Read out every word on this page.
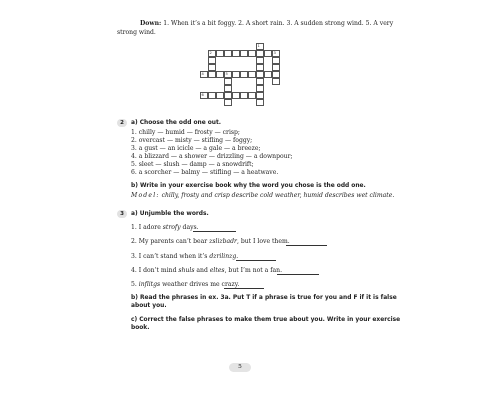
Down: 1. When it’s a bit foggy. 2. A short rain. 3. A sudden strong wind. 5. A very
strong wind.
1
2	3
4	5
6
2	a) Choose the odd one out.
1. chilly — humid — frosty — crisp;
2. overcast — misty — stifling — foggy;
3. a gust — an icicle — a gale — a breeze;
4. a blizzard — a shower — drizzling — a downpour;
5. sleet — slush — damp — a snowdrift;
6. a scorcher — balmy — stifling — a heatwave.
b) Write in your exercise book why the word you chose is the odd one.
Model: chilly, frosty and crisp describe cold weather, humid describes wet climate.
3	a) Unjumble the words.
1. I adore strofy days.
2. My parents can’t bear zslizbadr, but I love them.
3. I can’t stand when it’s dzrilinzg.
4. I don’t mind shuls and eltes, but I’m not a fan.
5. inflitgs weather drives me crazy.
b) Read the phrases in ex. 3a. Put T if a phrase is true for you and F if it is false
about you.
c) Correct the false phrases to make them true about you. Write in your exercise
book.
5
